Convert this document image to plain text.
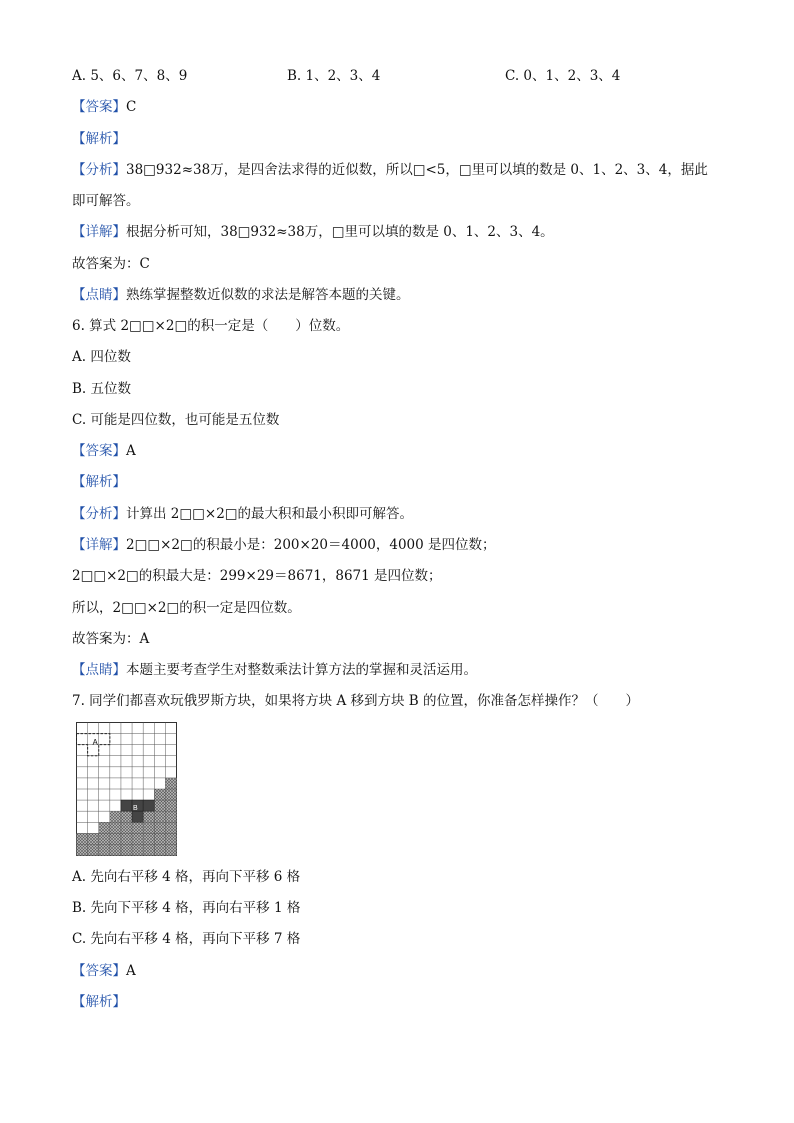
A. 5、6、7、8、9	B. 1、2、3、4	C. 0、1、2、3、4
【答案】C
【解析】
【分析】38□932≈38万，是四舍法求得的近似数，所以□<5，□里可以填的数是 0、1、2、3、4，据此
即可解答。
【详解】根据分析可知，38□932≈38万，□里可以填的数是 0、1、2、3、4。
故答案为：C
【点睛】熟练掌握整数近似数的求法是解答本题的关键。
6. 算式 2□□×2□的积一定是（　　）位数。
A. 四位数
B. 五位数
C. 可能是四位数，也可能是五位数
【答案】A
【解析】
【分析】计算出 2□□×2□的最大积和最小积即可解答。
【详解】2□□×2□的积最小是：200×20＝4000，4000 是四位数；
2□□×2□的积最大是：299×29＝8671，8671 是四位数；
所以，2□□×2□的积一定是四位数。
故答案为：A
【点睛】本题主要考查学生对整数乘法计算方法的掌握和灵活运用。
7. 同学们都喜欢玩俄罗斯方块，如果将方块 A 移到方块 B 的位置，你准备怎样操作？（　　）
A
B
A. 先向右平移 4 格，再向下平移 6 格
B. 先向下平移 4 格，再向右平移 1 格
C. 先向右平移 4 格，再向下平移 7 格
【答案】A
【解析】
